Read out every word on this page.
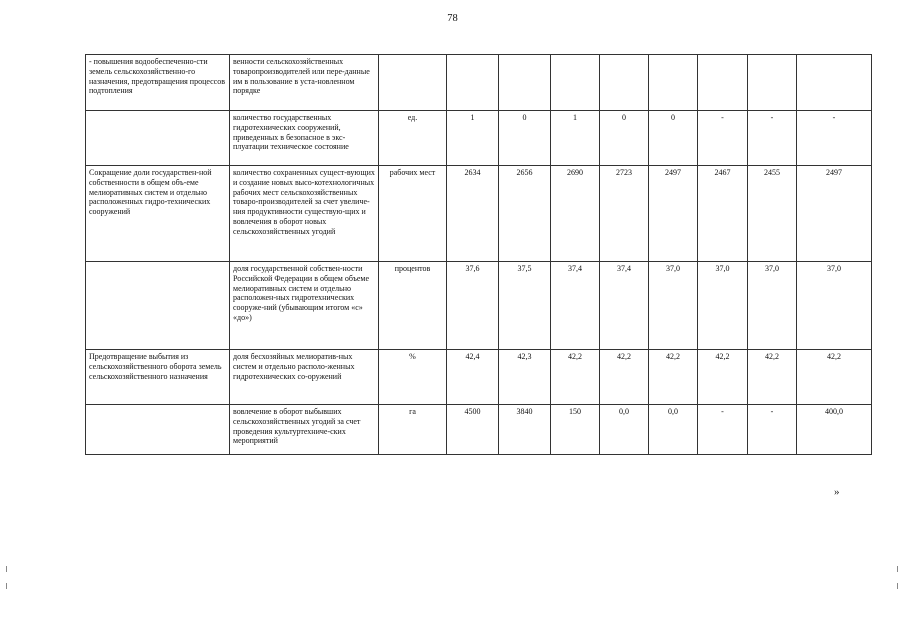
78
- повышения водообеспеченно-сти земель сельскохозяйственно-го назначения, предотвращения процессов подтопления	венности сельскохозяйственных товаропроизводителей или пере-данные им в пользование в уста-новленном порядке									
	количество государственных гидротехнических сооружений, приведенных в безопасное в экс-плуатации техническое состояние	ед.	1	0	1	0	0	-	-	-
Сокращение доли государствен-ной собственности в общем объ-еме мелиоративных систем и отдельно расположенных гидро-технических сооружений	количество сохраненных сущест-вующих и создание новых высо-котехнологичных рабочих мест сельскохозяйственных товаро-производителей за счет увеличе-ния продуктивности существую-щих и вовлечения в оборот новых сельскохозяйственных угодий	рабочих мест	2634	2656	2690	2723	2497	2467	2455	2497
	доля государственной собствен-ности Российской Федерации в общем объеме мелиоративных систем и отдельно расположен-ных гидротехнических сооруже-ний (убывающим итогом «с» «до»)	процентов	37,6	37,5	37,4	37,4	37,0	37,0	37,0	37,0
Предотвращение выбытия из сельскохозяйственного оборота земель сельскохозяйственного назначения	доля бесхозяйных мелиоратив-ных систем и отдельно располо-женных гидротехнических со-оружений	%	42,4	42,3	42,2	42,2	42,2	42,2	42,2	42,2
	вовлечение в оборот выбывших сельскохозяйственных угодий за счет проведения культуртехниче-ских мероприятий	га	4500	3840	150	0,0	0,0	-	-	400,0
»
